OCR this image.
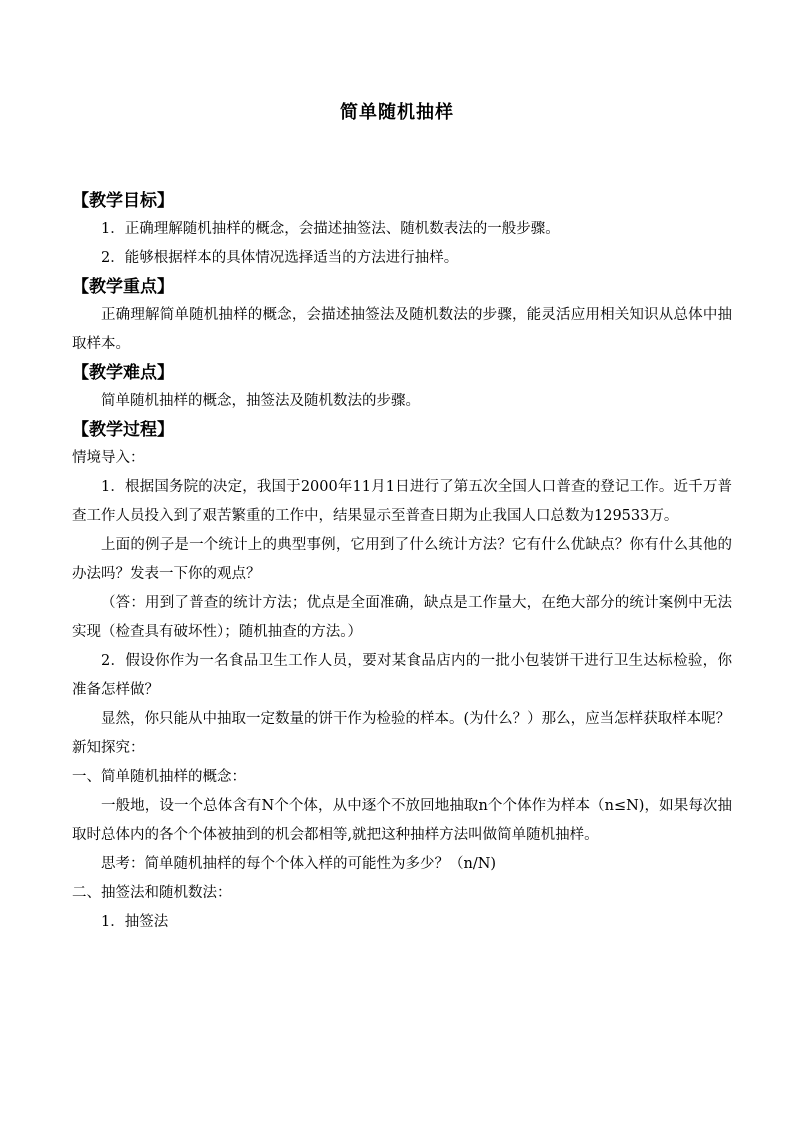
简单随机抽样
【教学目标】
1．正确理解随机抽样的概念，会描述抽签法、随机数表法的一般步骤。
2．能够根据样本的具体情况选择适当的方法进行抽样。
【教学重点】
正确理解简单随机抽样的概念，会描述抽签法及随机数法的步骤，能灵活应用相关知识从总体中抽取样本。
【教学难点】
简单随机抽样的概念，抽签法及随机数法的步骤。
【教学过程】
情境导入：
1．根据国务院的决定，我国于2000年11月1日进行了第五次全国人口普查的登记工作。近千万普查工作人员投入到了艰苦繁重的工作中，结果显示至普查日期为止我国人口总数为129533万。
上面的例子是一个统计上的典型事例，它用到了什么统计方法？它有什么优缺点？你有什么其他的办法吗？发表一下你的观点？
（答：用到了普查的统计方法；优点是全面准确，缺点是工作量大，在绝大部分的统计案例中无法实现（检查具有破坏性）；随机抽查的方法。）
2．假设你作为一名食品卫生工作人员，要对某食品店内的一批小包装饼干进行卫生达标检验，你准备怎样做？
显然，你只能从中抽取一定数量的饼干作为检验的样本。(为什么？）那么，应当怎样获取样本呢？
新知探究：
一、简单随机抽样的概念：
一般地，设一个总体含有N个个体，从中逐个不放回地抽取n个个体作为样本（n≤N)，如果每次抽取时总体内的各个个体被抽到的机会都相等,就把这种抽样方法叫做简单随机抽样。
思考：简单随机抽样的每个个体入样的可能性为多少？（n/N)
二、抽签法和随机数法：
1．抽签法
